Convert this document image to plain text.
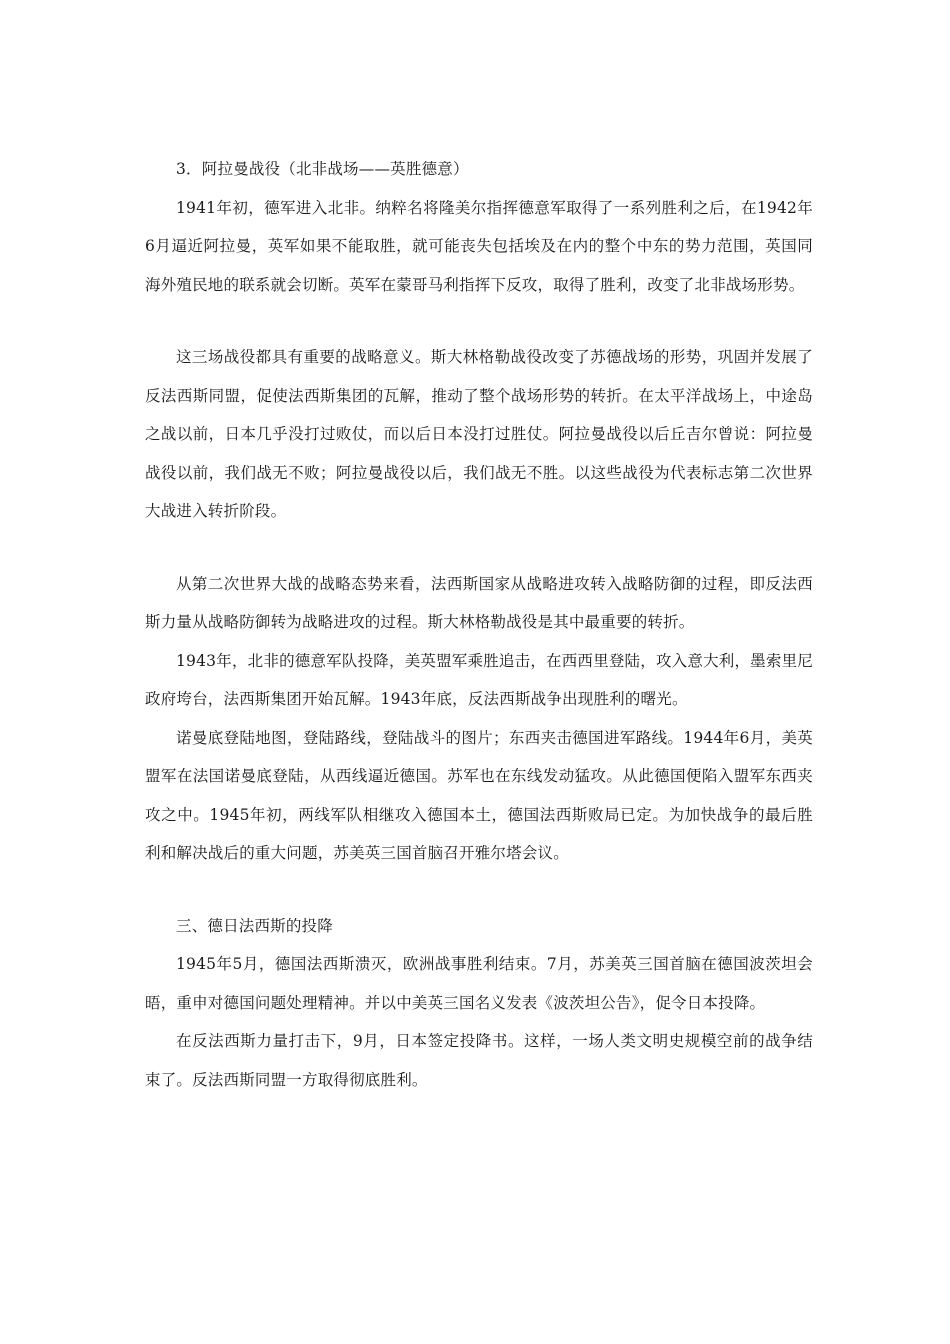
3．阿拉曼战役（北非战场——英胜德意）

1941年初，德军进入北非。纳粹名将隆美尔指挥德意军取得了一系列胜利之后，在1942年6月逼近阿拉曼，英军如果不能取胜，就可能丧失包括埃及在内的整个中东的势力范围，英国同海外殖民地的联系就会切断。英军在蒙哥马利指挥下反攻，取得了胜利，改变了北非战场形势。

这三场战役都具有重要的战略意义。斯大林格勒战役改变了苏德战场的形势，巩固并发展了反法西斯同盟，促使法西斯集团的瓦解，推动了整个战场形势的转折。在太平洋战场上，中途岛之战以前，日本几乎没打过败仗，而以后日本没打过胜仗。阿拉曼战役以后丘吉尔曾说：阿拉曼战役以前，我们战无不败；阿拉曼战役以后，我们战无不胜。以这些战役为代表标志第二次世界大战进入转折阶段。

从第二次世界大战的战略态势来看，法西斯国家从战略进攻转入战略防御的过程，即反法西斯力量从战略防御转为战略进攻的过程。斯大林格勒战役是其中最重要的转折。

1943年，北非的德意军队投降，美英盟军乘胜追击，在西西里登陆，攻入意大利，墨索里尼政府垮台，法西斯集团开始瓦解。1943年底，反法西斯战争出现胜利的曙光。

诺曼底登陆地图，登陆路线，登陆战斗的图片；东西夹击德国进军路线。1944年6月，美英盟军在法国诺曼底登陆，从西线逼近德国。苏军也在东线发动猛攻。从此德国便陷入盟军东西夹攻之中。1945年初，两线军队相继攻入德国本土，德国法西斯败局已定。为加快战争的最后胜利和解决战后的重大问题，苏美英三国首脑召开雅尔塔会议。

三、德日法西斯的投降

1945年5月，德国法西斯溃灭，欧洲战事胜利结束。7月，苏美英三国首脑在德国波茨坦会晤，重申对德国问题处理精神。并以中美英三国名义发表《波茨坦公告》，促令日本投降。

在反法西斯力量打击下，9月，日本签定投降书。这样，一场人类文明史规模空前的战争结束了。反法西斯同盟一方取得彻底胜利。
